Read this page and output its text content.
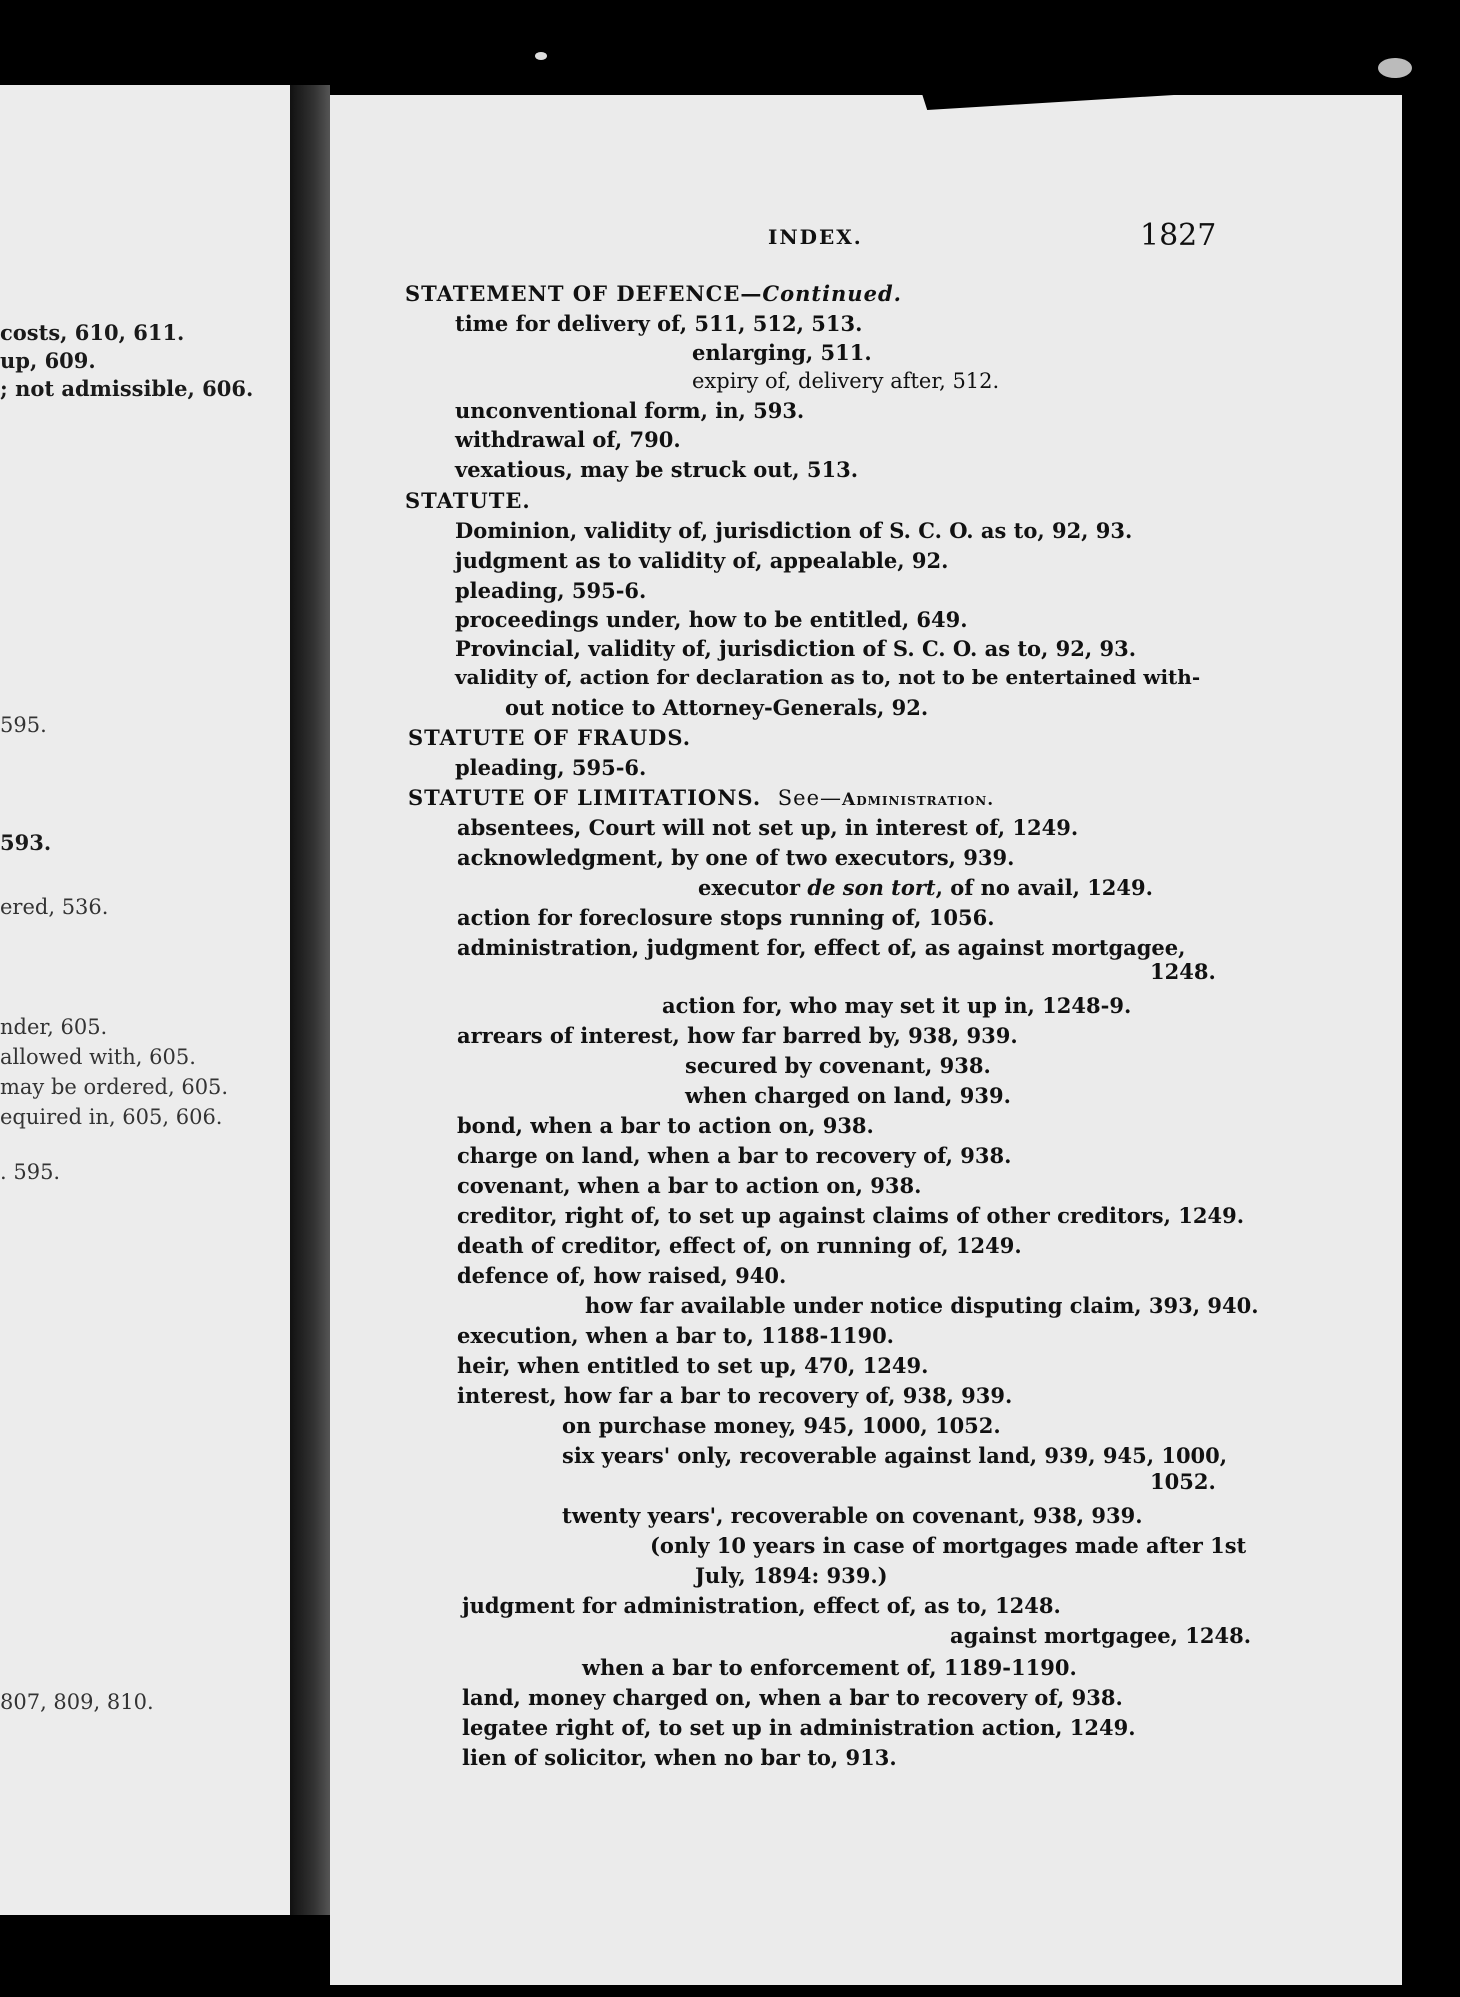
costs, 610, 611.
up, 609.
; not admissible, 606.
595.
593.
ered, 536.
nder, 605.
allowed with, 605.
may be ordered, 605.
equired in, 605, 606.
. 595.
807, 809, 810.
INDEX.	1827
STATEMENT OF DEFENCE—Continued.
time for delivery of, 511, 512, 513.
enlarging, 511.
expiry of, delivery after, 512.
unconventional form, in, 593.
withdrawal of, 790.
vexatious, may be struck out, 513.
STATUTE.
Dominion, validity of, jurisdiction of S. C. O. as to, 92, 93.
judgment as to validity of, appealable, 92.
pleading, 595-6.
proceedings under, how to be entitled, 649.
Provincial, validity of, jurisdiction of S. C. O. as to, 92, 93.
validity of, action for declaration as to, not to be entertained with-
out notice to Attorney-Generals, 92.
STATUTE OF FRAUDS.
pleading, 595-6.
STATUTE OF LIMITATIONS. See—Administration.
absentees, Court will not set up, in interest of, 1249.
acknowledgment, by one of two executors, 939.
executor de son tort, of no avail, 1249.
action for foreclosure stops running of, 1056.
administration, judgment for, effect of, as against mortgagee,
1248.
action for, who may set it up in, 1248-9.
arrears of interest, how far barred by, 938, 939.
secured by covenant, 938.
when charged on land, 939.
bond, when a bar to action on, 938.
charge on land, when a bar to recovery of, 938.
covenant, when a bar to action on, 938.
creditor, right of, to set up against claims of other creditors, 1249.
death of creditor, effect of, on running of, 1249.
defence of, how raised, 940.
how far available under notice disputing claim, 393, 940.
execution, when a bar to, 1188-1190.
heir, when entitled to set up, 470, 1249.
interest, how far a bar to recovery of, 938, 939.
on purchase money, 945, 1000, 1052.
six years' only, recoverable against land, 939, 945, 1000,
1052.
twenty years', recoverable on covenant, 938, 939.
(only 10 years in case of mortgages made after 1st
July, 1894: 939.)
judgment for administration, effect of, as to, 1248.
against mortgagee, 1248.
when a bar to enforcement of, 1189-1190.
land, money charged on, when a bar to recovery of, 938.
legatee right of, to set up in administration action, 1249.
lien of solicitor, when no bar to, 913.
